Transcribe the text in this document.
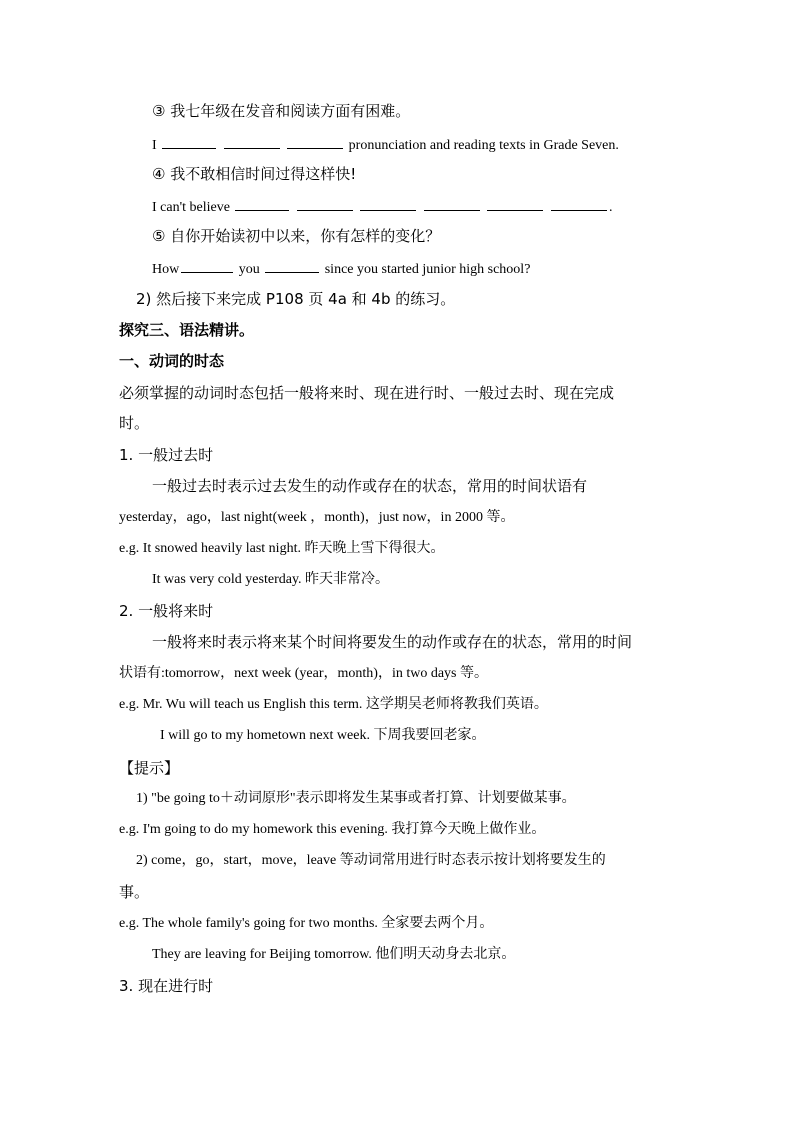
③ 我七年级在发音和阅读方面有困难。
I	pronunciation and reading texts in Grade Seven.
④ 我不敢相信时间过得这样快!
I can't believe	.
⑤ 自你开始读初中以来，你有怎样的变化？
How	you	since you started junior high school?
2) 然后接下来完成 P108 页 4a 和 4b 的练习。
探究三、语法精讲。
一、动词的时态
必须掌握的动词时态包括一般将来时、现在进行时、一般过去时、现在完成
时。
1. 一般过去时
一般过去时表示过去发生的动作或存在的状态，常用的时间状语有
yesterday，ago，last night(week ，month)，just now，in 2000 等。
e.g. It snowed heavily last night. 昨天晚上雪下得很大。
It was very cold yesterday. 昨天非常冷。
2. 一般将来时
一般将来时表示将来某个时间将要发生的动作或存在的状态，常用的时间
状语有:tomorrow，next week (year，month)，in two days 等。
e.g. Mr. Wu will teach us English this term. 这学期吴老师将教我们英语。
I will go to my hometown next week. 下周我要回老家。
【提示】
1) "be going to＋动词原形"表示即将发生某事或者打算、计划要做某事。
e.g. I'm going to do my homework this evening. 我打算今天晚上做作业。
2) come，go，start，move，leave 等动词常用进行时态表示按计划将要发生的
事。
e.g. The whole family's going for two months. 全家要去两个月。
They are leaving for Beijing tomorrow. 他们明天动身去北京。
3. 现在进行时
